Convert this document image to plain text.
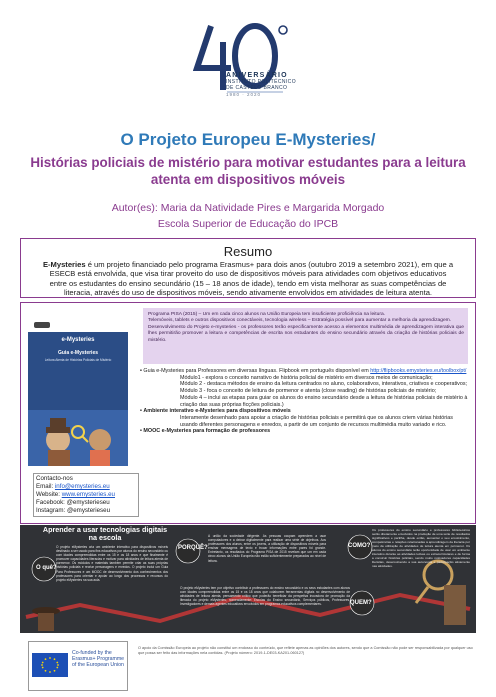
ANIVERSÁRIO
INSTITUTO POLITÉCNICO
DE CASTELO BRANCO
1980 · 2020
O Projeto Europeu E-Mysteries/
Histórias policiais de mistério para motivar estudantes para a leitura atenta em dispositivos móveis
Autor(es): Maria da Natividade Pires e Margarida Morgado
Escola Superior de Educação do IPCB
Resumo
E-Mysteries é um projeto financiado pelo programa Erasmus+ para dois anos (outubro 2019 a setembro 2021), em que a ESECB está envolvida, que visa tirar proveito do uso de dispositivos móveis para atividades com objetivos educativos entre os estudantes do ensino secundário (15 – 18 anos de idade), tendo em vista melhorar as suas competências de literacia, através do uso de dispositivos móveis, sendo ativamente envolvidos em atividades de leitura atenta.
e-Mysteries
Guia e-Mysteries
Leitura Atenta de Histórias Policiais de Mistério
Programa PISA (2015) – Um em cada cinco alunos na União Europeia tem insuficiente proficiência na leitura.
Telemóveis, tablets e outros dispositivos conectáveis, tecnologia wireless – Estratégia possível para aumentar a melhoria da aprendizagem.
Desenvolvimento do Projeto e-mysteries - os professores terão especificamente acesso a elementos multimédia de aprendizagem interativa que lhes permitirão promover a leitura e competências de escrita nos estudantes do ensino secundário através da criação de histórias policiais de mistério.
• Guia e-Mysteries para Professores em diversas línguas. Flipbook em português disponível em http://flipbooks.emysteries.eu/toolbox/pt/
Módulo1 - explora o conceito narrativo de história policial de mistério em diversos meios de comunicação;
Módulo 2 - destaca métodos de ensino da leitura centrados no aluno, colaborativos, interativos, criativos e cooperativos;
Módulo 3 - foca o conceito de leitura de pormenor e atenta (close reading) de histórias policiais de mistério;
Módulo 4 – inclui as etapas para guiar os alunos do ensino secundário desde a leitura de histórias policiais de mistério à criação das suas próprias ficções policiais.)
• Ambiente interativo e-Mysteries para dispositivos móveis
Interamente desenhado para apoiar a criação de histórias policiais e permitirá que os alunos criem várias histórias usando diferentes personagens e enredos, a partir de um conjunto de recursos multimédia muito variado e rico.
• MOOC e-Mysteries para formação de professores
Contacto-nos
Email: info@emysteries.eu
Website: www.emysteries.eu
Facebook: @emysterieseu
Instagram: @emysterieseu
Aprender a usar tecnologias digitais na escola
O projeto eMysteries cria um ambiente interativo para dispositivos móveis destinado a ser usado para fins educativos por alunos do ensino secundário ou com idades compreendidas entre os 15 e os 18 anos e que finalmente é promover capacidades literacias e motivar para atividades de leitura atenta de pormenor. Os módulos e materiais também permite criar as suas próprias histórias policiais e recriar personagens e enredos. O projeto inclui um Guia Para Professores e um MOOC de desenvolvimento dos conhecimentos dos professores para orientar e apoiar ao longo dos processos e recursos do projeto eMysteries na sua aula.
O quê?
PORQUÊ?
A união da sociedade dirigente. As pessoas ocupam aprendem a usar computadores e a deixar digitalmente para realizar uma série de objetivos. Aos professores dos alunos, entre os jovens, a utilização de dispositivos móveis para ensinar mensagens de texto e trocar informações entre pares foi grande. Entretanto, os resultados do Programa PISA de 2015 revelam que um em cada cinco alunos da União Europeia não estão suficientemente preparados ao nível de leitura.
O projeto eMysteries tem por objetivo contribuir a professores do ensino secundário e os seus estudantes com alunos com idades compreendidas entre os 15 e os 18 anos que colaborem ferramentas digitais no desenvolvimento de atividades de leitura atenta, pensamento crítico que poderão beneficiar da perspetiva inovadora de promoção da literacia do projeto eMysteries, nomeadamente: Escolas do Ensino secundário, Serviços públicos, Professores, Investigadores e demais agentes educativos envolvidos em programas educativos complementares.	QUEM?
COMO?
Os professores do ensino secundário e professores bibliotecários serão diretamente envolvidos na produção de uma série de resultados significativos e partilha, desde então, aumentar o seu envolvimento, competências e relações relacionadas à aprendizagem da literacia por meio da utilização de atividades de leitura atenta em pormenor. Os alunos do ensino secundário terão oportunidade de usar um ambiente interativo durante as atividades letivas ou extracurriculares e de forma a construir histórias policiais, sendo muito motivadores capacidades literárias, desenvolvendo a sua autonomia e participação ativamente nas atividades.
Co-funded by the Erasmus+ Programme of the European Union
O apoio da Comissão Europeia ao projeto não constitui um endosso do conteúdo, que reflete apenas as opiniões dos autores, sendo que a Comissão não pode ser responsabilizada por qualquer uso que possa ser feito das informações nela contidas. (Projeto número: 2019-1-DE03-KA201-060127)
